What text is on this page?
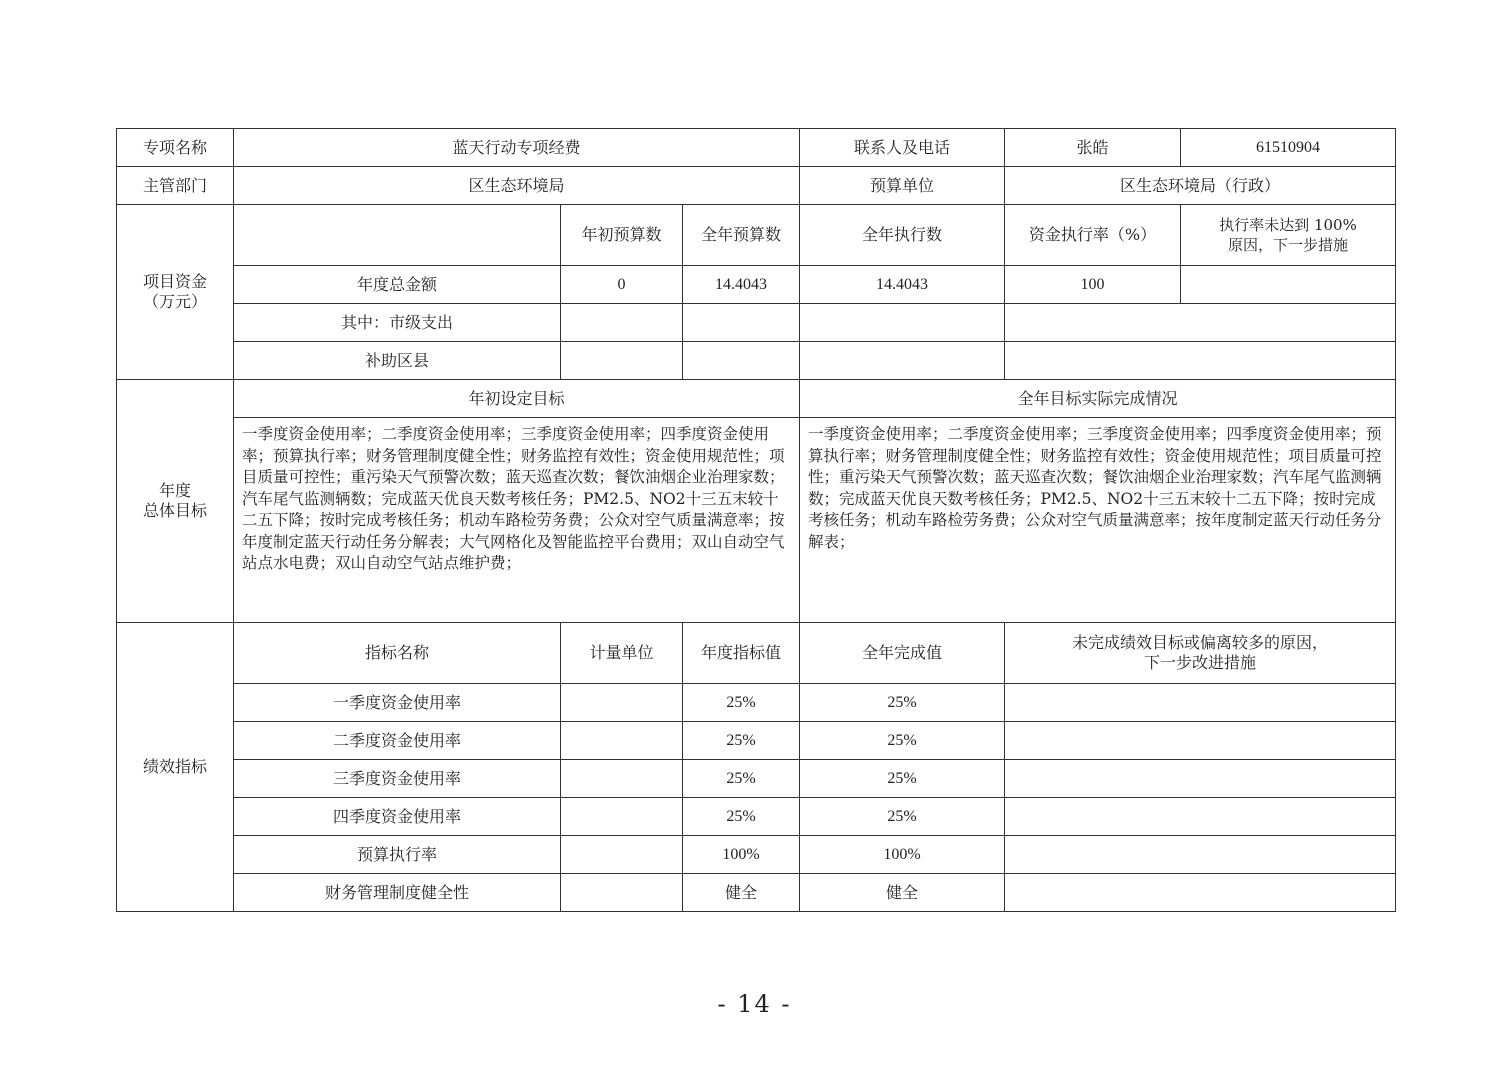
专项名称	蓝天行动专项经费			联系人及电话	张皓	61510904
主管部门	区生态环境局			预算单位	区生态环境局（行政）	
项目资金
（万元）		年初预算数	全年预算数	全年执行数	资金执行率（%）	执行率未达到 100%
原因，下一步措施
	年度总金额	0	14.4043	14.4043	100	
	其中：市级支出					
	补助区县					
年度
总体目标	年初设定目标			全年目标实际完成情况		
	一季度资金使用率；二季度资金使用率；三季度资金使用率；四季度资金使用率；预算执行率；财务管理制度健全性；财务监控有效性；资金使用规范性；项目质量可控性；重污染天气预警次数；蓝天巡查次数；餐饮油烟企业治理家数；汽车尾气监测辆数；完成蓝天优良天数考核任务；PM2.5、NO2十三五末较十二五下降；按时完成考核任务；机动车路检劳务费；公众对空气质量满意率；按年度制定蓝天行动任务分解表；大气网格化及智能监控平台费用；双山自动空气站点水电费；双山自动空气站点维护费；			一季度资金使用率；二季度资金使用率；三季度资金使用率；四季度资金使用率；预算执行率；财务管理制度健全性；财务监控有效性；资金使用规范性；项目质量可控性；重污染天气预警次数；蓝天巡查次数；餐饮油烟企业治理家数；汽车尾气监测辆数；完成蓝天优良天数考核任务；PM2.5、NO2十三五末较十二五下降；按时完成考核任务；机动车路检劳务费；公众对空气质量满意率；按年度制定蓝天行动任务分解表；		
绩效指标	指标名称	计量单位	年度指标值	全年完成值	未完成绩效目标或偏离较多的原因，
下一步改进措施	
	一季度资金使用率		25%	25%		
	二季度资金使用率		25%	25%		
	三季度资金使用率		25%	25%		
	四季度资金使用率		25%	25%		
	预算执行率		100%	100%		
	财务管理制度健全性		健全	健全		
- 14 -
